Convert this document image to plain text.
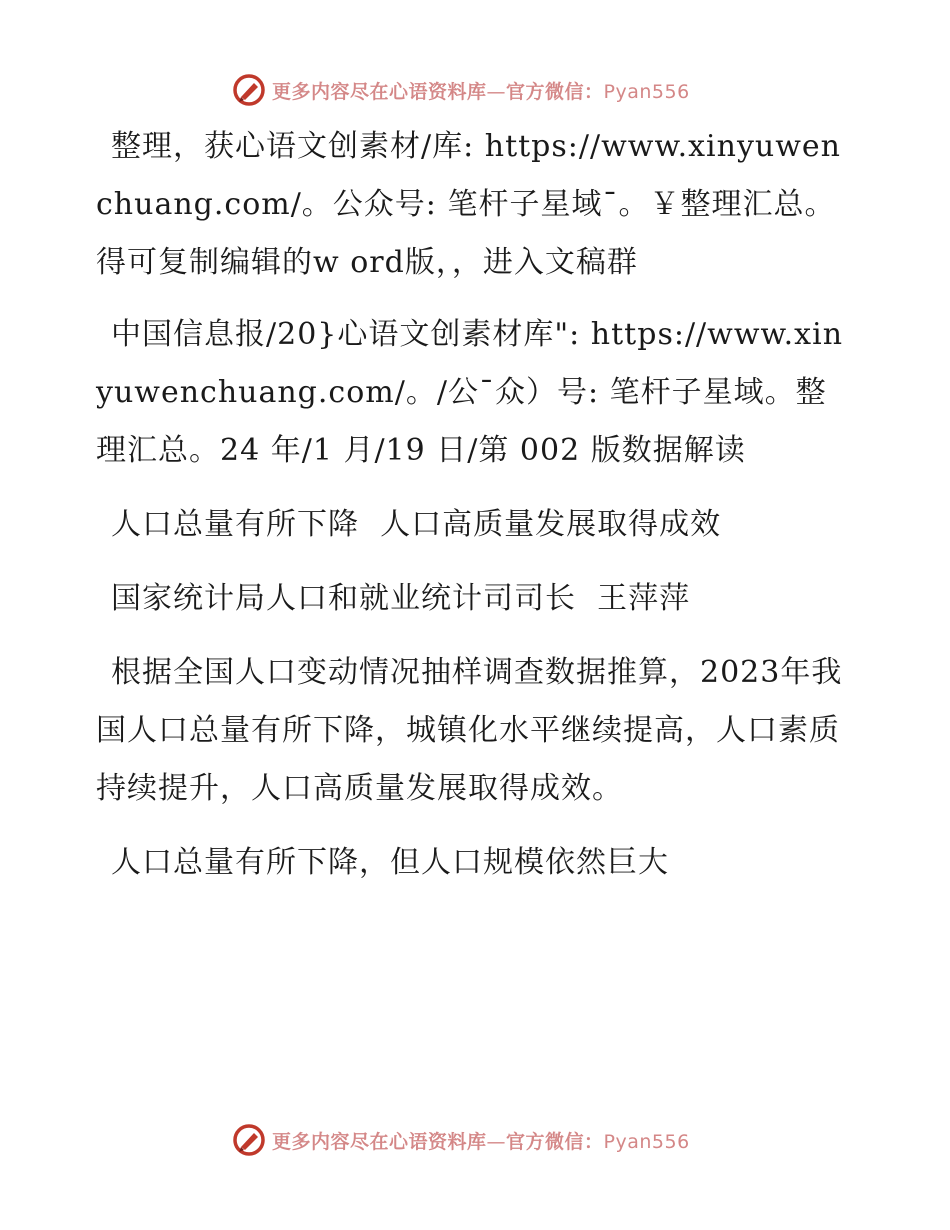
更多内容尽在心语资料库—官方微信：Pyan556

整理，获心语文创素材/库: https://www.xinyuwenchuang.com/。公众号: 笔杆子星域¯。￥整理汇总。得可复制编辑的w ord版，，进入文稿群

中国信息报/20}心语文创素材库": https://www.xinyuwenchuang.com/。/公¯众）号: 笔杆子星域。整理汇总。24 年/1 月/19 日/第 002 版数据解读

人口总量有所下降  人口高质量发展取得成效

国家统计局人口和就业统计司司长  王萍萍

根据全国人口变动情况抽样调查数据推算，2023年我国人口总量有所下降，城镇化水平继续提高，人口素质持续提升，人口高质量发展取得成效。

人口总量有所下降，但人口规模依然巨大

更多内容尽在心语资料库—官方微信：Pyan556
